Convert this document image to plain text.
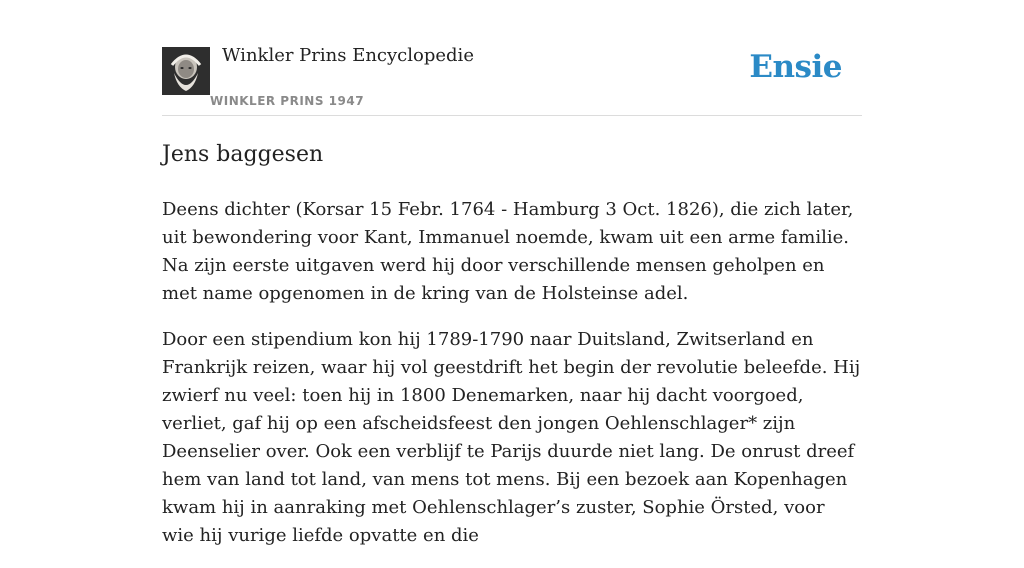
Winkler Prins Encyclopedie
WINKLER PRINS 1947
Ensie
Jens baggesen

Deens dichter (Korsar 15 Febr. 1764 - Hamburg 3 Oct. 1826), die zich later, uit bewondering voor Kant, Immanuel noemde, kwam uit een arme familie. Na zijn eerste uitgaven werd hij door verschillende mensen geholpen en met name opgenomen in de kring van de Holsteinse adel.

Door een stipendium kon hij 1789-1790 naar Duitsland, Zwitserland en Frankrijk reizen, waar hij vol geestdrift het begin der revolutie beleefde. Hij zwierf nu veel: toen hij in 1800 Denemarken, naar hij dacht voorgoed, verliet, gaf hij op een afscheidsfeest den jongen Oehlenschlager* zijn Deenselier over. Ook een verblijf te Parijs duurde niet lang. De onrust dreef hem van land tot land, van mens tot mens. Bij een bezoek aan Kopenhagen kwam hij in aanraking met Oehlenschlager’s zuster, Sophie Örsted, voor wie hij vurige liefde opvatte en die
